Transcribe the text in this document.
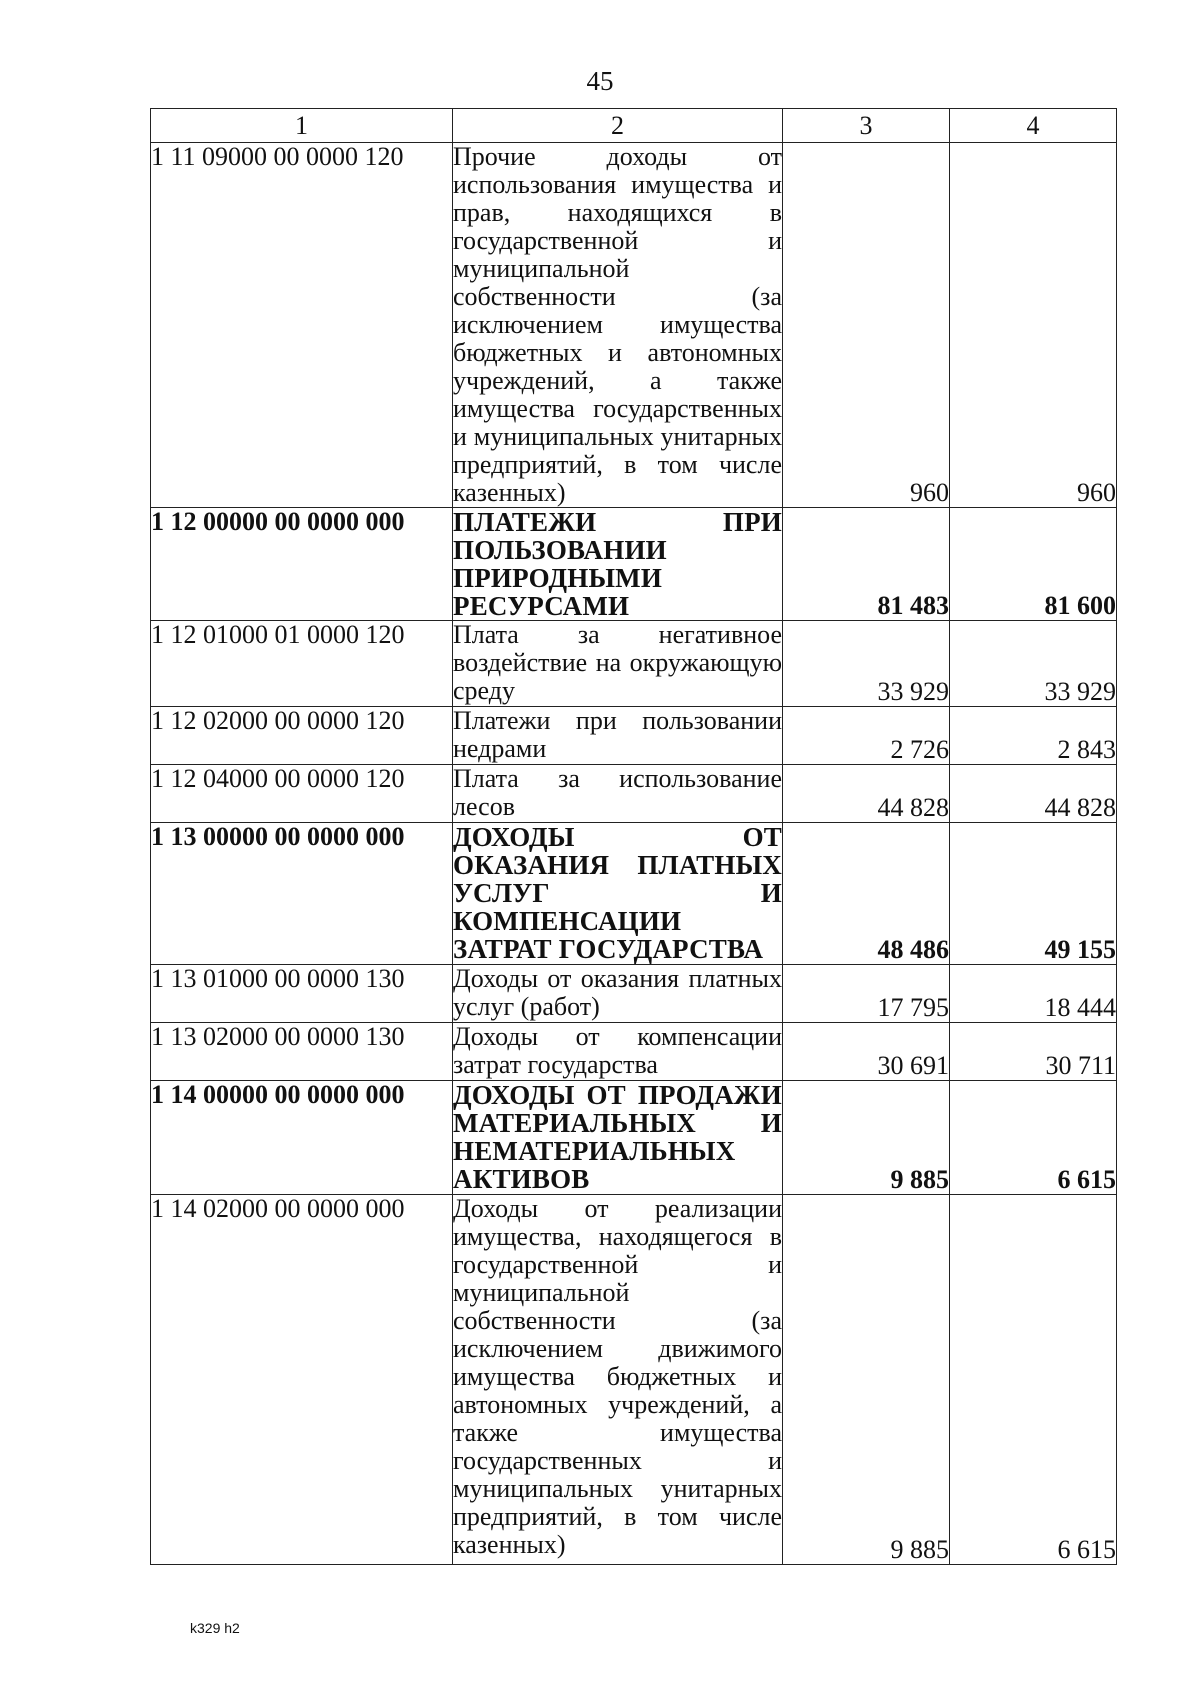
45
1	2	3	4
1 11 09000 00 0000 120	Прочие доходы от использования имущества и прав, находящихся в государственной и муниципальной собственности (за исключением имущества бюджетных и автономных учреждений, а также имущества государственных и муниципальных унитарных предприятий, в том числе казенных)	960	960
1 12 00000 00 0000 000	ПЛАТЕЖИ ПРИ ПОЛЬЗОВАНИИ ПРИРОДНЫМИ РЕСУРСАМИ	81 483	81 600
1 12 01000 01 0000 120	Плата за негативное воздействие на окружающую среду	33 929	33 929
1 12 02000 00 0000 120	Платежи при пользовании недрами	2 726	2 843
1 12 04000 00 0000 120	Плата за использование лесов	44 828	44 828
1 13 00000 00 0000 000	ДОХОДЫ ОТ ОКАЗАНИЯ ПЛАТНЫХ УСЛУГ И КОМПЕНСАЦИИ ЗАТРАТ ГОСУДАРСТВА	48 486	49 155
1 13 01000 00 0000 130	Доходы от оказания платных услуг (работ)	17 795	18 444
1 13 02000 00 0000 130	Доходы от компенсации затрат государства	30 691	30 711
1 14 00000 00 0000 000	ДОХОДЫ ОТ ПРОДАЖИ МАТЕРИАЛЬНЫХ И НЕМАТЕРИАЛЬНЫХ АКТИВОВ	9 885	6 615
1 14 02000 00 0000 000	Доходы от реализации имущества, находящегося в государственной и муниципальной собственности (за исключением движимого имущества бюджетных и автономных учреждений, а также имущества государственных и муниципальных унитарных предприятий, в том числе казенных)	9 885	6 615
k329 h2
